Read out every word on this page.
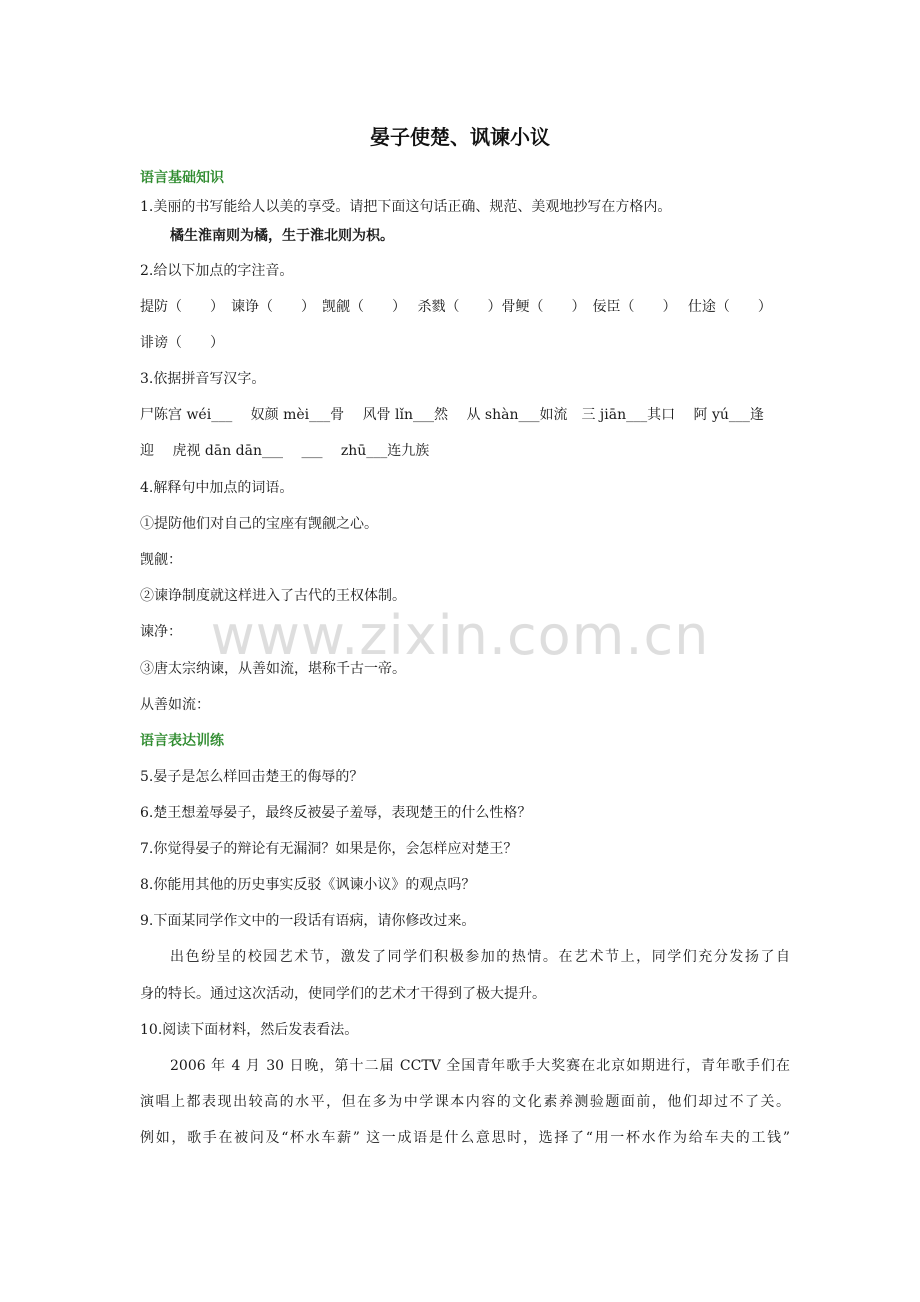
www.zixin.com.cn
晏子使楚、讽谏小议
语言基础知识
1.美丽的书写能给人以美的享受。请把下面这句话正确、规范、美观地抄写在方格内。
橘生淮南则为橘，生于淮北则为枳。
2.给以下加点的字注音。
提防（　　）　谏诤（　　）　觊觎（　　）　 杀戮（　　）骨鲠（　　）　佞臣（　　）　 仕途（　　）
诽谤（　　）
3.依据拼音写汉字。
尸陈宫 wéi___　 奴颜 mèi___骨　 风骨 lǐn___然　 从 shàn___如流　三 jiān___其口　 阿 yú___逢
迎　 虎视 dān dān___　 ___　 zhū___连九族
4.解释句中加点的词语。
①提防他们对自己的宝座有觊觎之心。
觊觎：
②谏诤制度就这样进入了古代的王权体制。
谏净：
③唐太宗纳谏，从善如流，堪称千古一帝。
从善如流：
语言表达训练
5.晏子是怎么样回击楚王的侮辱的？
6.楚王想羞辱晏子，最终反被晏子羞辱，表现楚王的什么性格？
7.你觉得晏子的辩论有无漏洞？如果是你，会怎样应对楚王？
8.你能用其他的历史事实反驳《讽谏小议》的观点吗？
9.下面某同学作文中的一段话有语病，请你修改过来。
出色纷呈的校园艺术节，激发了同学们积极参加的热情。在艺术节上，同学们充分发扬了自
身的特长。通过这次活动，使同学们的艺术才干得到了极大提升。
10.阅读下面材料，然后发表看法。
2006 年 4 月 30 日晚，第十二届 CCTV 全国青年歌手大奖赛在北京如期进行，青年歌手们在
演唱上都表现出较高的水平，但在多为中学课本内容的文化素养测验题面前，他们却过不了关。
例如，歌手在被问及“杯水车薪” 这一成语是什么意思时，选择了“用一杯水作为给车夫的工钱”
